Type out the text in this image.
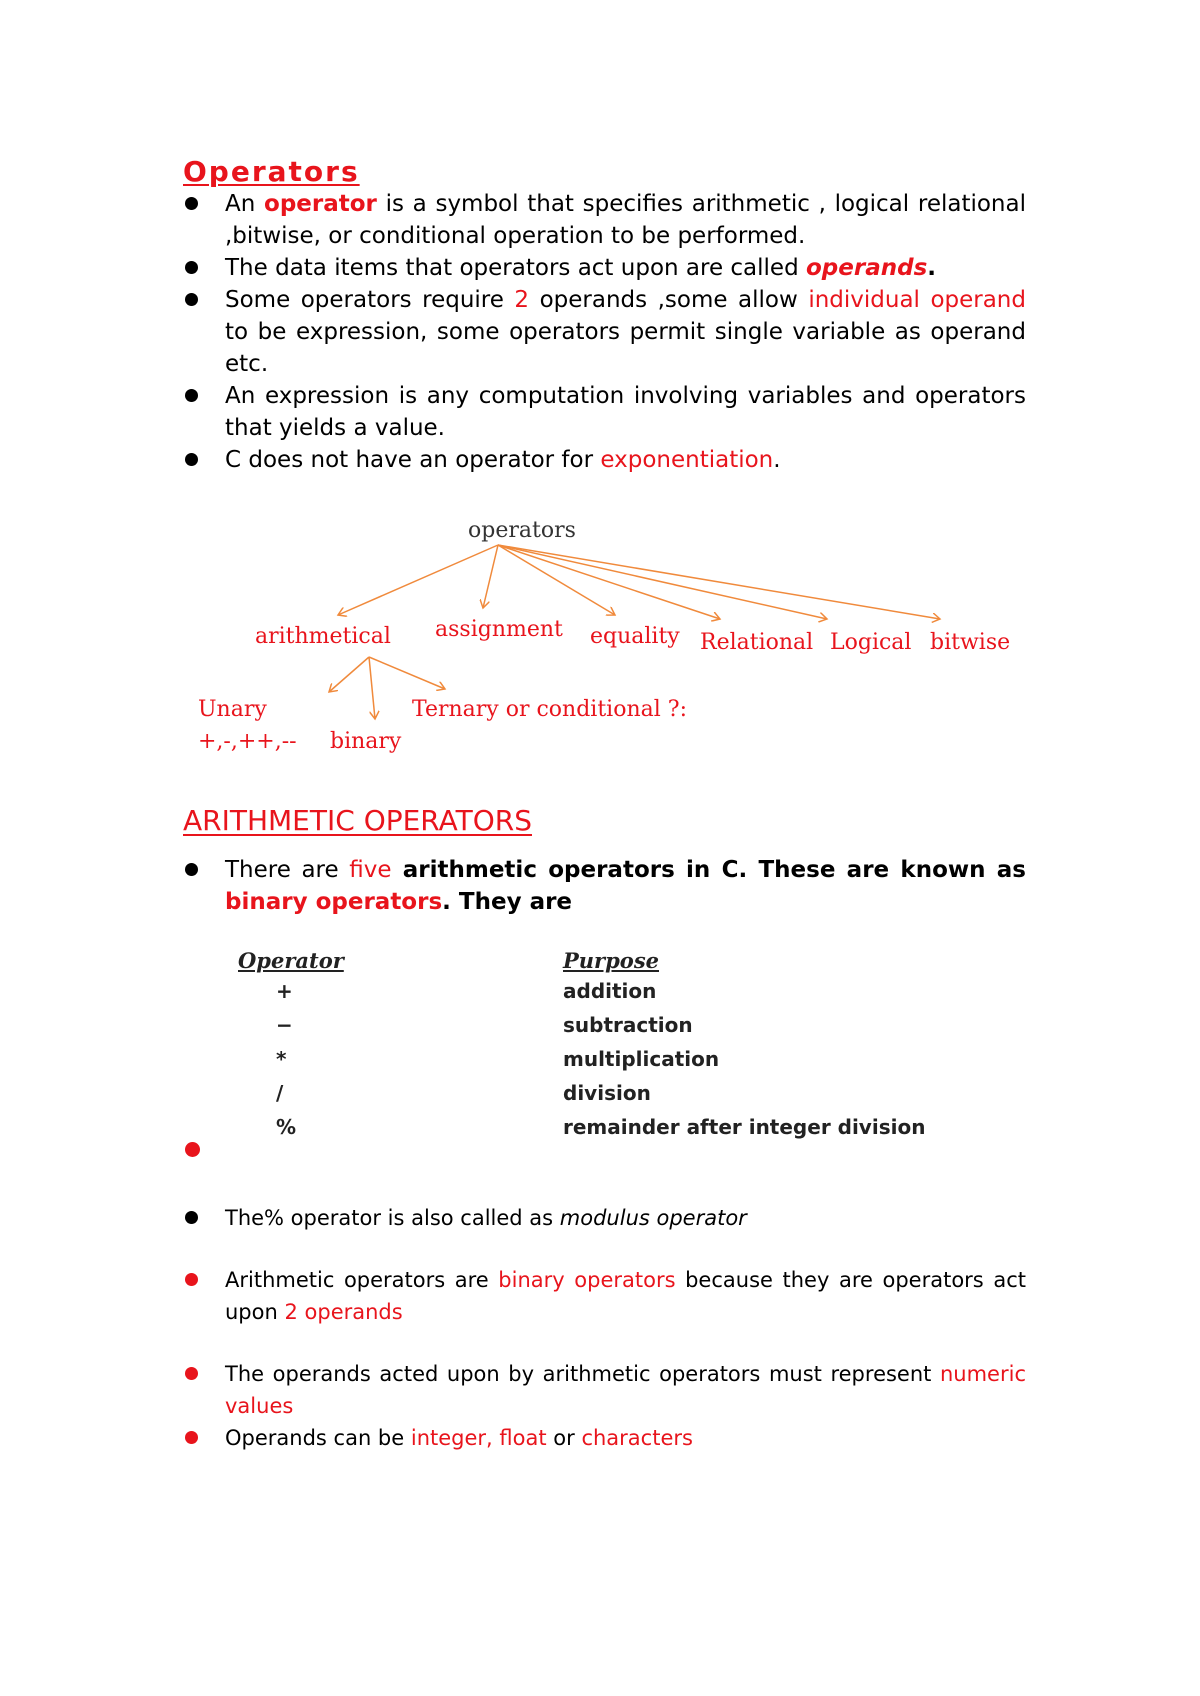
Operators
An operator is a symbol that specifies arithmetic , logical relational ,bitwise, or conditional operation to be performed.
The data items that operators act upon are called operands.
Some operators require 2 operands ,some allow individual operand to be expression, some operators permit single variable as operand etc.
An expression is any computation involving variables and operators that yields a value.
C does not have an operator for exponentiation.
operators
arithmetical assignment equality Relational Logical bitwise
Unary
+,-,++,-- binary
Ternary or conditional ?:
ARITHMETIC OPERATORS
There are five arithmetic operators in C. These are known as binary operators. They are
Operator	Purpose
+	addition
−	subtraction
*	multiplication
/	division
%	remainder after integer division
The% operator is also called as modulus operator
Arithmetic operators are binary operators because they are operators act upon 2 operands
The operands acted upon by arithmetic operators must represent numeric values
Operands can be integer, float or characters
